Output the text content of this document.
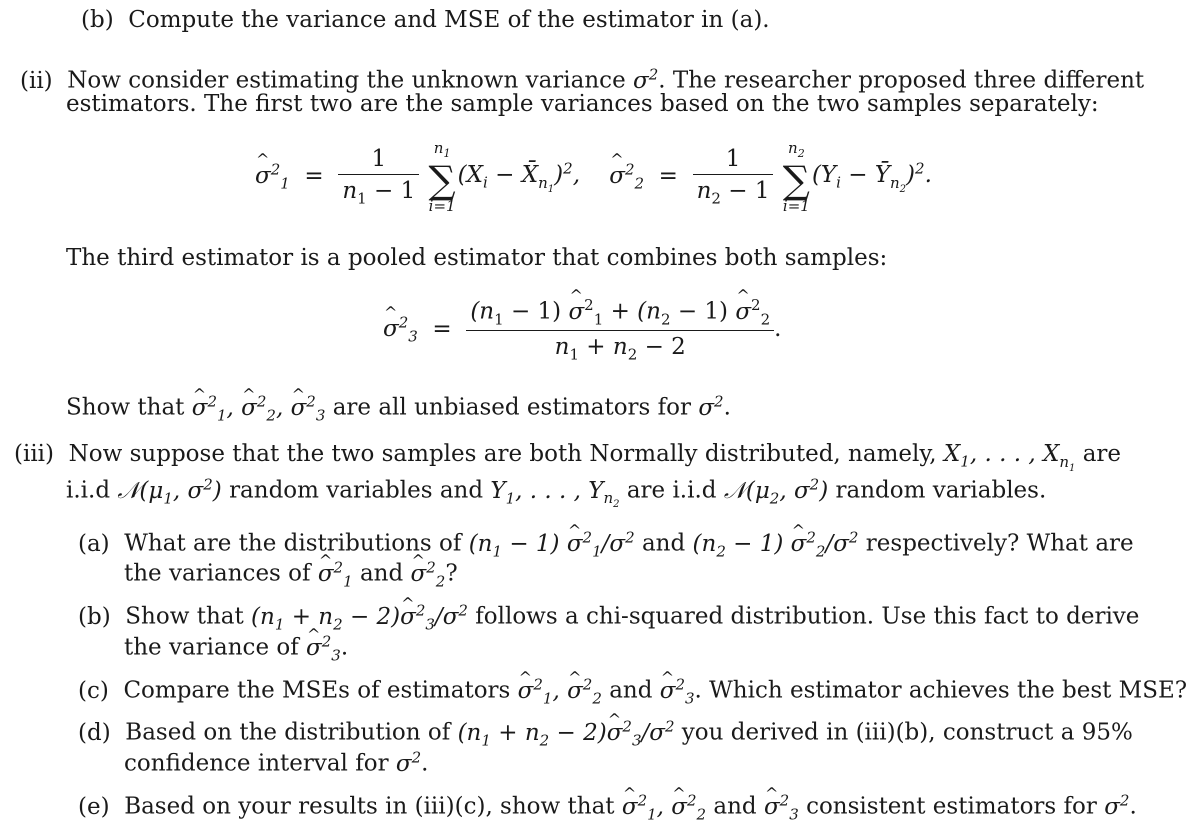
(b) Compute the variance and MSE of the estimator in (a).
(ii) Now consider estimating the unknown variance $\sigma^2$. The researcher proposed three different
estimators. The first two are the sample variances based on the two samples separately:
^ $\sigma^2_1 = \frac{1}{n_1 - 1}$
$n_1$
∑
i=1
($X_i$ − $X̄_{n_1})^2$, ^ $\sigma^2_2 = \frac{1}{n_2 - 1}$
$n_2$
∑
i=1
($Y_i$ − $Ȳ_{n_2})^2$.
The third estimator is a pooled estimator that combines both samples:
^ $\sigma^2_3 = \frac{(n_1 - 1) \^{} \sigma^2_1 + (n_2 - 1) \^{} \sigma^2_2}{n_1 + n_2 - 2}$ .
Show that ^ $\sigma^2_1$, ^ $\sigma^2_2$, ^ $\sigma^2_3$ are all unbiased estimators for $\sigma^2$.
(iii) Now suppose that the two samples are both Normally distributed, namely, $X_1$, . . . , $X_{n_1}$ are
i.i.d $𝒩(\mu_1$, $\sigma^2$) random variables and $Y_1$, . . . , $Y_{n_2}$ are i.i.d $𝒩(\mu_2$, $\sigma^2$) random variables.
(a) What are the distributions of $(n_1 - 1)$ ^ $\sigma^2_1/\sigma^2$ and $(n_2 - 1)$ ^ $\sigma^2_2/\sigma^2$ respectively? What are
the variances of ^ $\sigma^2_1$ and ^ $\sigma^2_2$?
(b) Show that ($n_1 + n_2$ − 2)^ $\sigma^2_3/\sigma^2$ follows a chi-squared distribution. Use this fact to derive
the variance of ^ $\sigma^2_3$.
(c) Compare the MSEs of estimators ^ $\sigma^2_1$, ^ $\sigma^2_2$ and ^ $\sigma^2_3$. Which estimator achieves the best MSE?
(d) Based on the distribution of ($n_1 + n_2$ − 2)^ $\sigma^2_3/\sigma^2$ you derived in (iii)(b), construct a 95%
confidence interval for $\sigma^2$.
(e) Based on your results in (iii)(c), show that ^ $\sigma^2_1$, ^ $\sigma^2_2$ and ^ $\sigma^2_3$ consistent estimators for $\sigma^2$.
